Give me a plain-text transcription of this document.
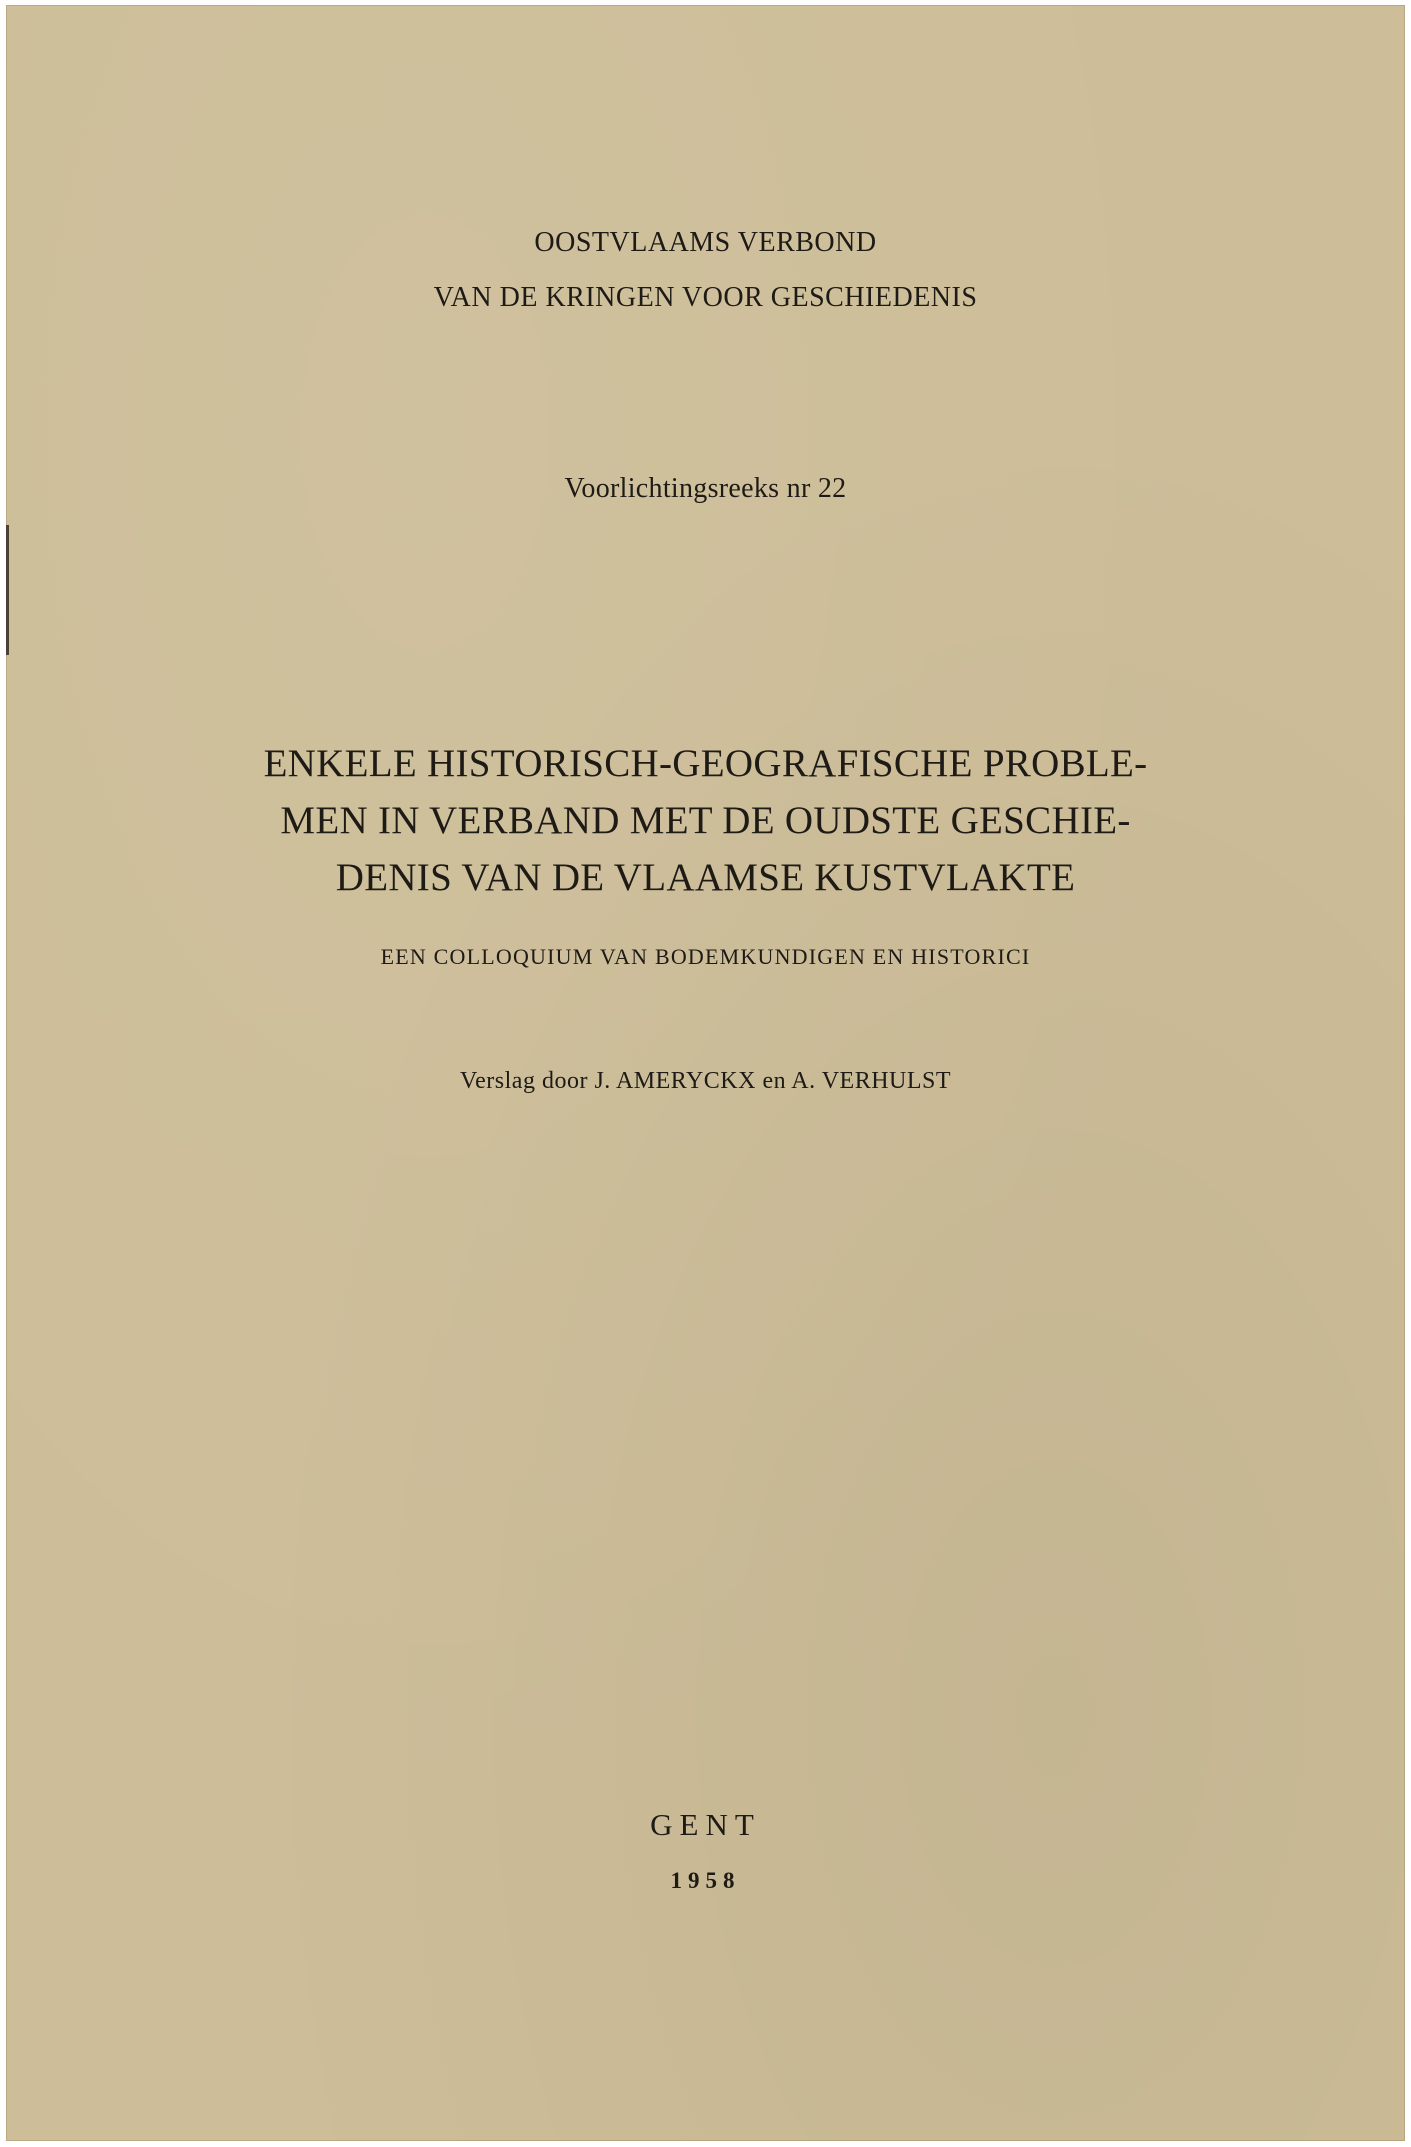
OOSTVLAAMS VERBOND
VAN DE KRINGEN VOOR GESCHIEDENIS
Voorlichtingsreeks nr 22
ENKELE HISTORISCH-GEOGRAFISCHE PROBLE-
MEN IN VERBAND MET DE OUDSTE GESCHIE-
DENIS VAN DE VLAAMSE KUSTVLAKTE
EEN COLLOQUIUM VAN BODEMKUNDIGEN EN HISTORICI
Verslag door J. AMERYCKX en A. VERHULST
GENT
1958
